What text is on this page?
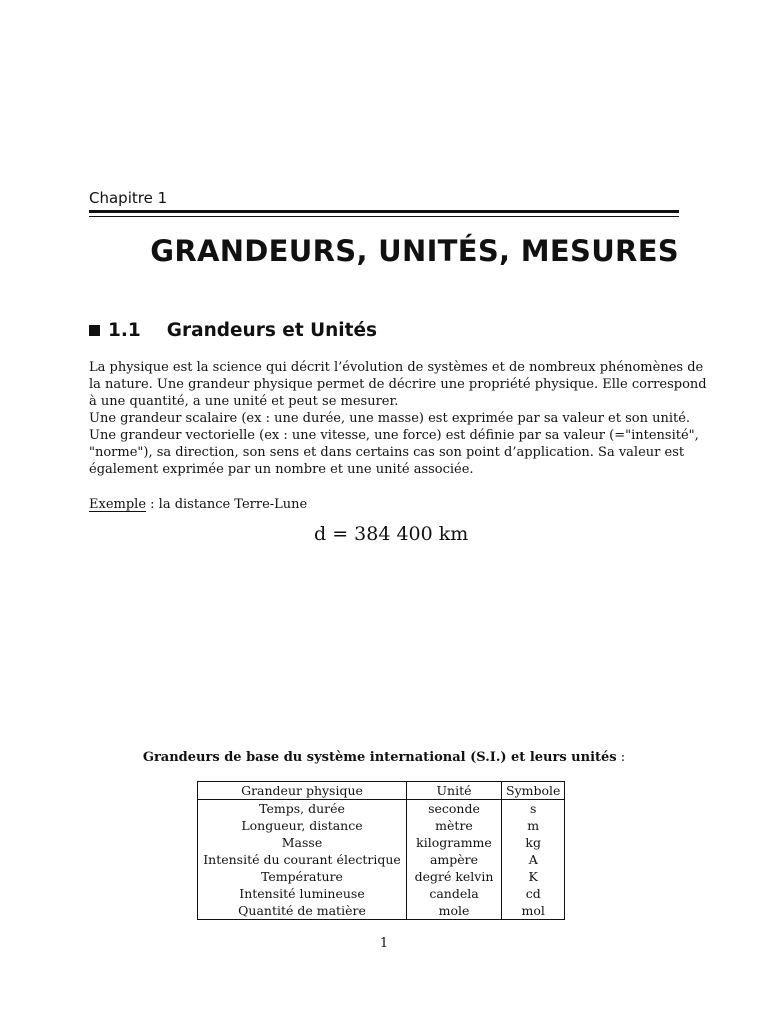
Chapitre 1
GRANDEURS, UNITÉS, MESURES
1.1 Grandeurs et Unités
La physique est la science qui décrit l’évolution de systèmes et de nombreux phénomènes de
la nature. Une grandeur physique permet de décrire une propriété physique. Elle correspond
à une quantité, a une unité et peut se mesurer.
Une grandeur scalaire (ex : une durée, une masse) est exprimée par sa valeur et son unité.
Une grandeur vectorielle (ex : une vitesse, une force) est définie par sa valeur (="intensité",
"norme"), sa direction, son sens et dans certains cas son point d’application. Sa valeur est
également exprimée par un nombre et une unité associée.
Exemple : la distance Terre-Lune
d = 384 400 km
Grandeurs de base du système international (S.I.) et leurs unités :
Grandeur physique	Unité	Symbole
Temps, durée	seconde	s
Longueur, distance	mètre	m
Masse	kilogramme	kg
Intensité du courant électrique	ampère	A
Température	degré kelvin	K
Intensité lumineuse	candela	cd
Quantité de matière	mole	mol
1
